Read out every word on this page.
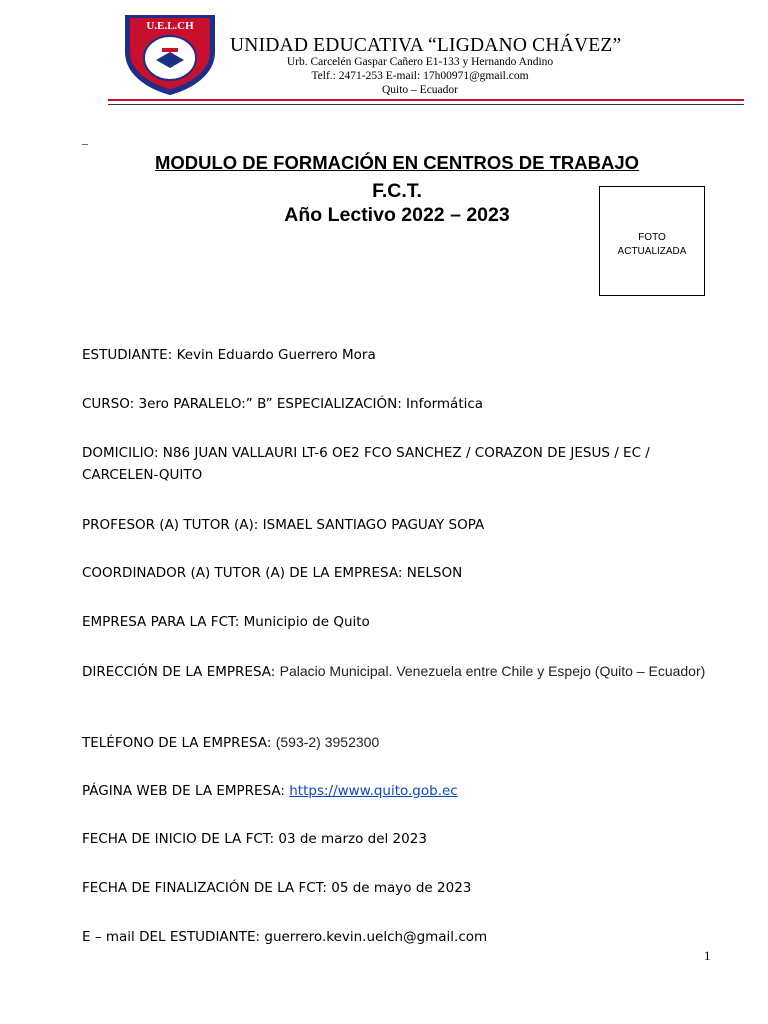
U.E.L.CH
UNIDAD EDUCATIVA “LIGDANO CHÁVEZ”
Urb. Carcelén Gaspar Cañero E1-133 y Hernando Andino
Telf.: 2471-253 E-mail: 17h00971@gmail.com
Quito – Ecuador
–
MODULO DE FORMACIÓN EN CENTROS DE TRABAJO
F.C.T.
Año Lectivo 2022 – 2023
FOTO
ACTUALIZADA
ESTUDIANTE: Kevin Eduardo Guerrero Mora
CURSO: 3ero PARALELO:” B” ESPECIALIZACIÓN: Informática
DOMICILIO: N86 JUAN VALLAURI LT-6 OE2 FCO SANCHEZ / CORAZON DE JESUS / EC / CARCELEN-QUITO
PROFESOR (A) TUTOR (A): ISMAEL SANTIAGO PAGUAY SOPA
COORDINADOR (A) TUTOR (A) DE LA EMPRESA: NELSON
EMPRESA PARA LA FCT: Municipio de Quito
DIRECCIÓN DE LA EMPRESA: Palacio Municipal. Venezuela entre Chile y Espejo (Quito – Ecuador)
TELÉFONO DE LA EMPRESA: (593-2) 3952300
PÁGINA WEB DE LA EMPRESA: https://www.quito.gob.ec
FECHA DE INICIO DE LA FCT: 03 de marzo del 2023
FECHA DE FINALIZACIÓN DE LA FCT: 05 de mayo de 2023
E – mail DEL ESTUDIANTE: guerrero.kevin.uelch@gmail.com
1
